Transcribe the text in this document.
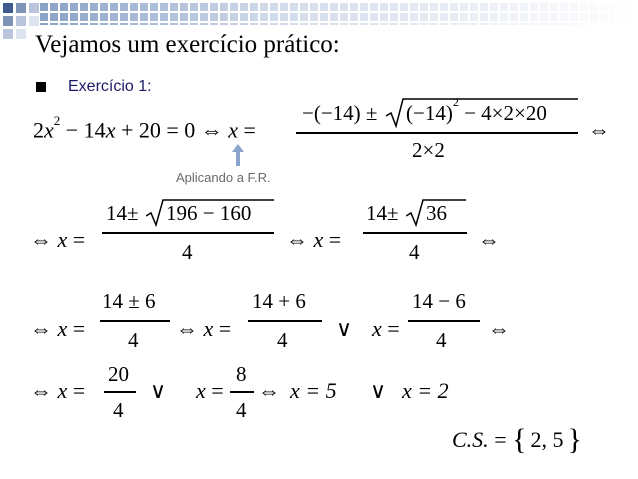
Vejamos um exercício prático:
Exercício 1:
$2x^2 - 14x + 20 = 0$ ⇔ x =
$-(-14) \pm (-14)^2 - 4\times 2\times 20$
2×2
⇔
Aplicando a F.R.
⇔ x =
14± 196 − 160
4	⇔ x =
14± 36
4	⇔
⇔ x =
14 ± 6
4 ⇔ x =
14 + 6
4 ∨ x =
14 − 6
4 ⇔
⇔ x =
20
4
∨ x =
8
4
⇔ x = 5 ∨ x = 2
C.S. = { 2, 5 }
